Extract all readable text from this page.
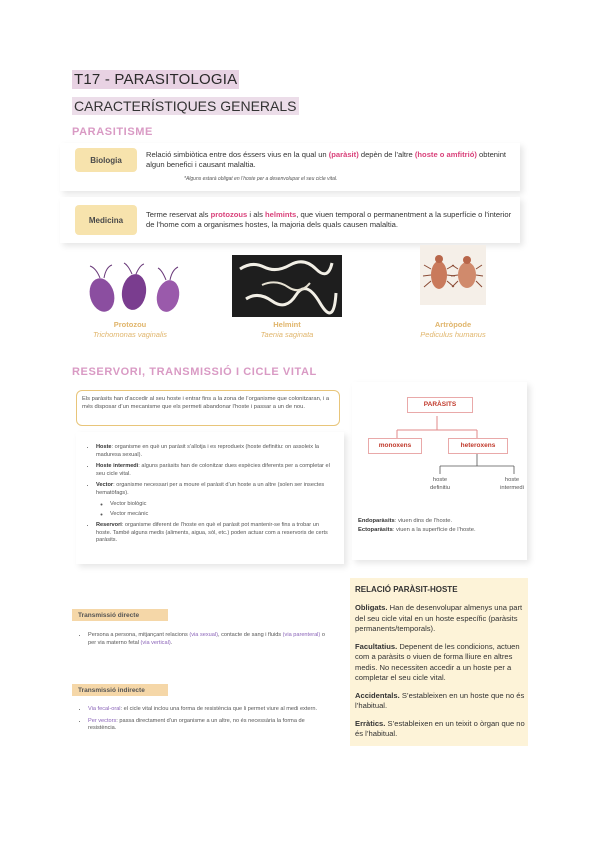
T17 - PARASITOLOGIA
CARACTERÍSTIQUES GENERALS
PARASITISME
Biologia
Relació simbiòtica entre dos éssers vius en la qual un (paràsit) depèn de l’altre (hoste o amfitrió) obtenint algun benefici i causant malaltia.
*Alguns estarà obligat en l’hoste per a desenvolupar el seu cicle vital.
Medicina
Terme reservat als protozous i als helmints, que viuen temporal o permanentment a la superfície o l’interior de l’home com a organismes hostes, la majoria dels quals causen malaltia.
Protozou
Trichomonas vaginalis
Helmint
Taenia saginata
Artròpode
Pediculus humanus
RESERVORI, TRANSMISSIÓ I CICLE VITAL
Els paràsits han d’accedir al seu hoste i entrar fins a la zona de l’organisme que colonitzaran, i a més disposar d’un mecanisme que els permeti abandonar l’hoste i passar a un de nou.
• Hoste: organisme en què un paràsit s’allotja i es reprodueix (hoste definitiu: on assoleix la maduresa sexual).
• Hoste intermedi: alguns paràsits han de colonitzar dues espècies diferents per a completar el seu cicle vital.
• Vector: organisme necessari per a moure el paràsit d’un hoste a un altre (solen ser insectes hematòfags).
◦ Vector biològic
◦ Vector mecànic
• Reservori: organisme diferent de l’hoste en què el paràsit pot mantenir-se fins a trobar un hoste. També alguns medis (aliments, aigua, sòl, etc.) poden actuar com a reservoris de certs paràsits.
PARÀSITS
monoxens	heteroxens
hoste
definitiu
hoste
intermedi
Endoparàsits: viuen dins de l’hoste.
Ectoparàsits: viuen a la superfície de l’hoste.
RELACIÓ PARÀSIT-HOSTE

Obligats. Han de desenvolupar almenys una part del seu cicle vital en un hoste específic (paràsits permanents/temporals).

Facultatius. Depenent de les condicions, actuen com a paràsits o viuen de forma lliure en altres medis. No necessiten accedir a un hoste per a completar el seu cicle vital.

Accidentals. S’estableixen en un hoste que no és l’habitual.

Erràtics. S’estableixen en un teixit o òrgan que no és l’habitual.

Transmissió directe
• Persona a persona, mitjançant relacions (via sexual), contacte de sang i fluids (via parenteral) o per via materno fetal (via vertical).
Transmissió indirecte
• Via fecal-oral: el cicle vital inclou una forma de resistència que li permet viure al medi extern.
• Per vectors: passa directament d’un organisme a un altre, no és necessària la forma de resistència.
